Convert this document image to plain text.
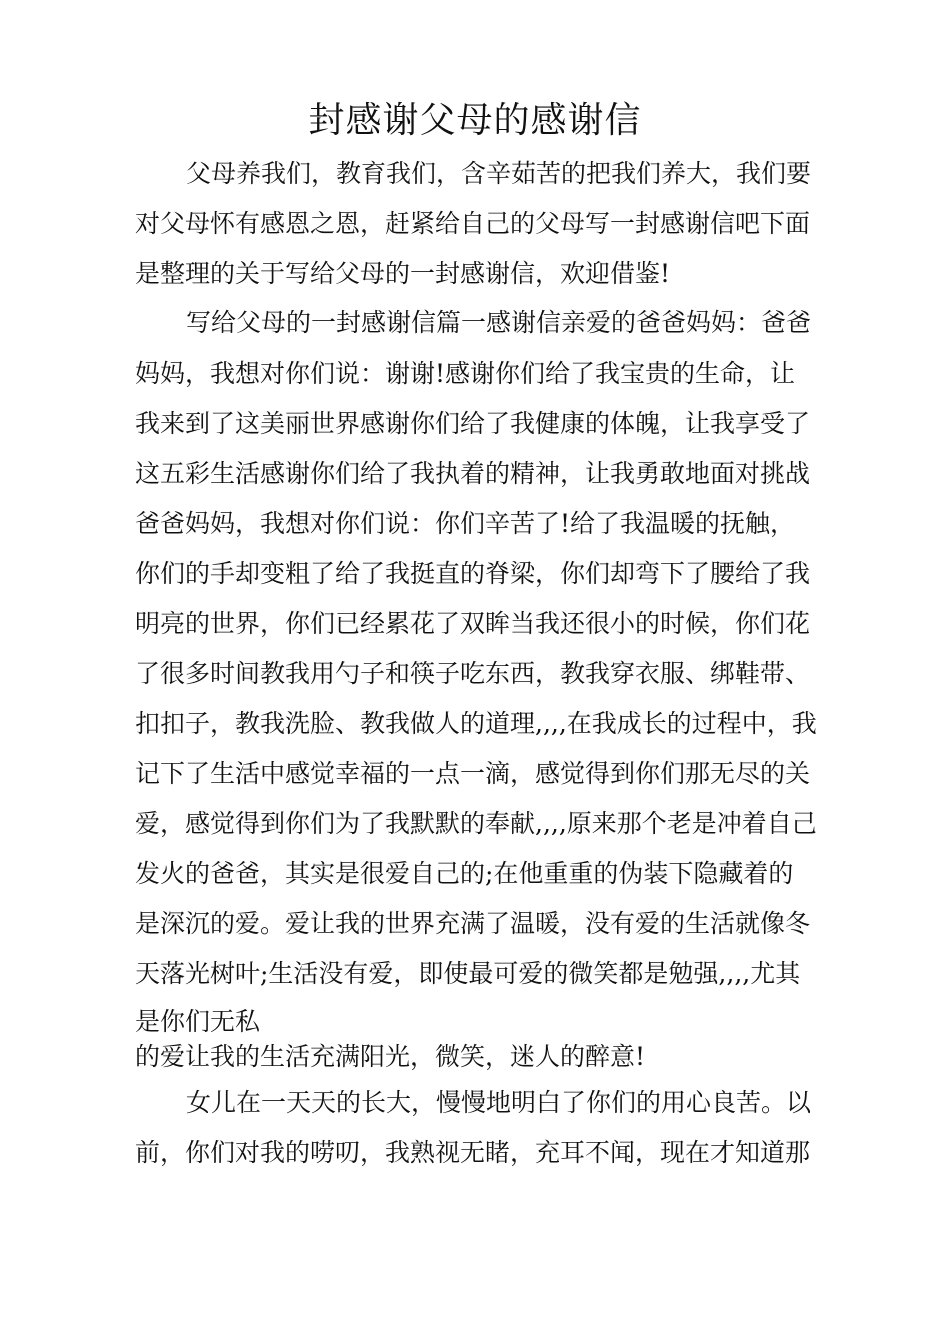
封感谢父母的感谢信

父母养我们，教育我们，含辛茹苦的把我们养大，我们要

对父母怀有感恩之恩，赶紧给自己的父母写一封感谢信吧下面

是整理的关于写给父母的一封感谢信，欢迎借鉴!

写给父母的一封感谢信篇一感谢信亲爱的爸爸妈妈：爸爸

妈妈，我想对你们说：谢谢!感谢你们给了我宝贵的生命，让

我来到了这美丽世界感谢你们给了我健康的体魄，让我享受了

这五彩生活感谢你们给了我执着的精神，让我勇敢地面对挑战

爸爸妈妈，我想对你们说：你们辛苦了!给了我温暖的抚触，

你们的手却变粗了给了我挺直的脊梁，你们却弯下了腰给了我

明亮的世界，你们已经累花了双眸当我还很小的时候，你们花

了很多时间教我用勺子和筷子吃东西，教我穿衣服、绑鞋带、

扣扣子，教我洗脸、教我做人的道理,,,,在我成长的过程中，我

记下了生活中感觉幸福的一点一滴，感觉得到你们那无尽的关

爱，感觉得到你们为了我默默的奉献,,,,原来那个老是冲着自己

发火的爸爸，其实是很爱自己的;在他重重的伪装下隐藏着的

是深沉的爱。爱让我的世界充满了温暖，没有爱的生活就像冬

天落光树叶;生活没有爱，即使最可爱的微笑都是勉强,,,,尤其

是你们无私

的爱让我的生活充满阳光，微笑，迷人的醉意!

女儿在一天天的长大，慢慢地明白了你们的用心良苦。以

前，你们对我的唠叨，我熟视无睹，充耳不闻，现在才知道那
